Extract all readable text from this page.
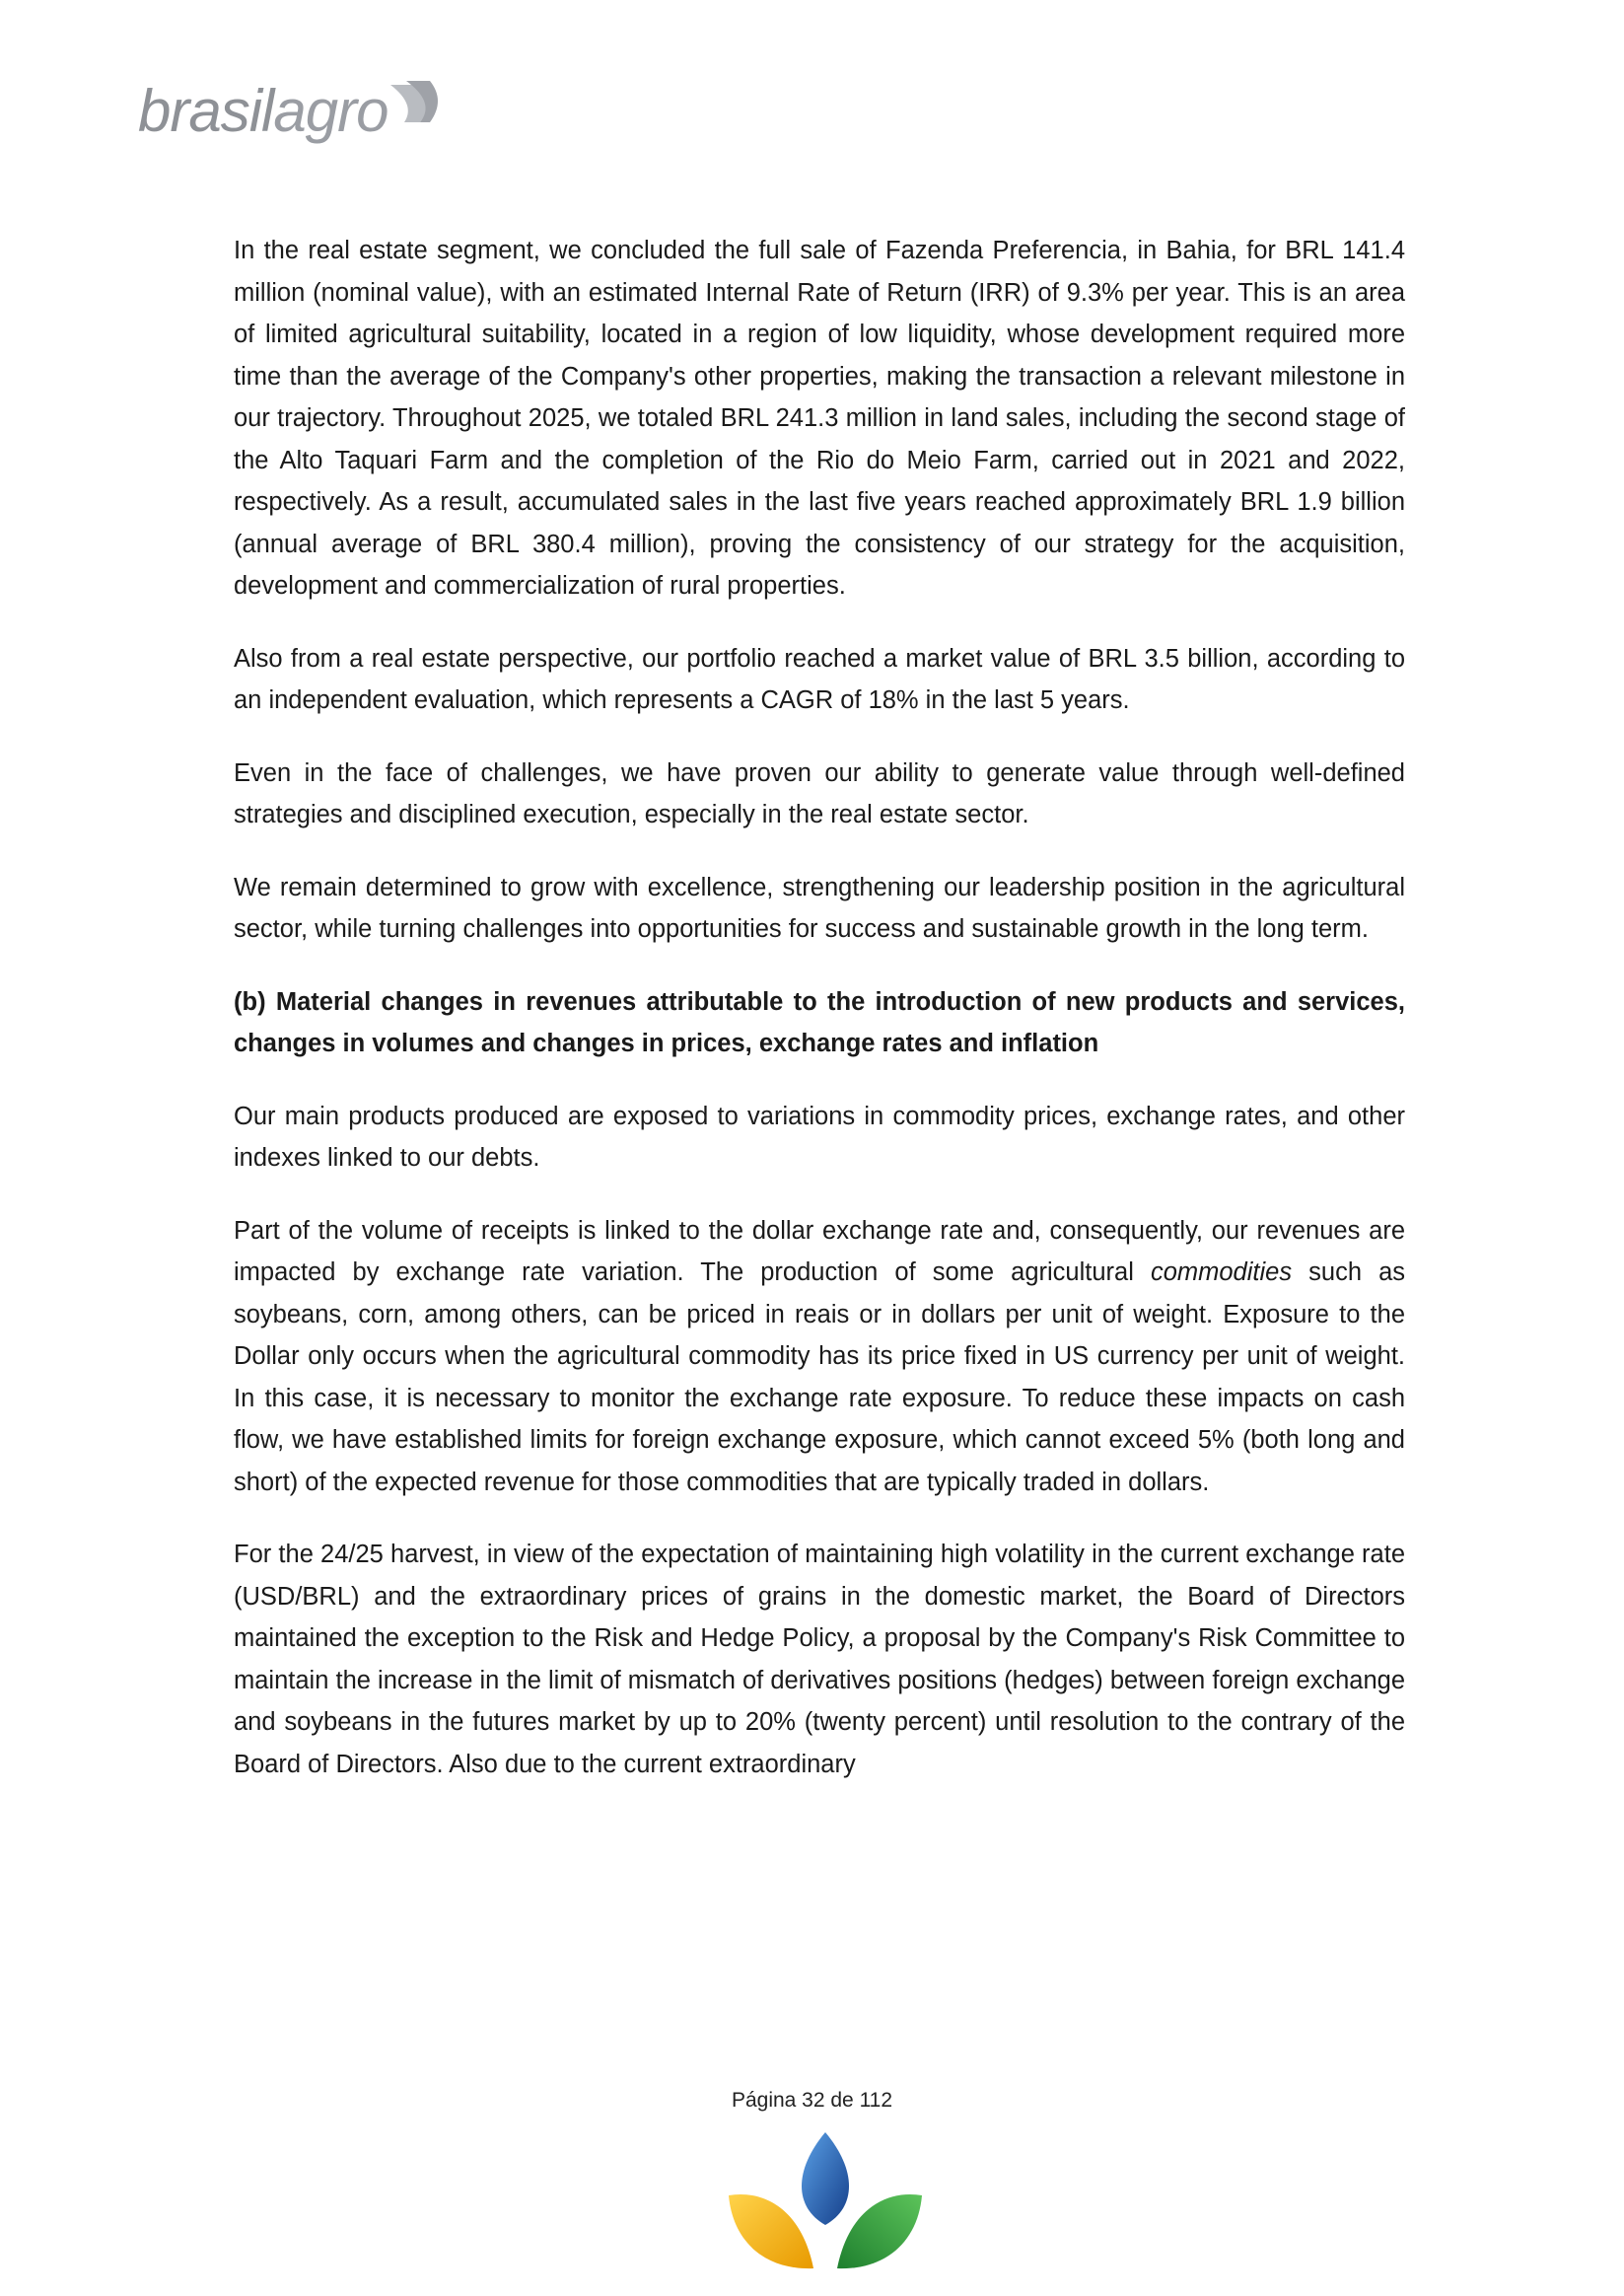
brasilagro

In the real estate segment, we concluded the full sale of Fazenda Preferencia, in Bahia, for BRL 141.4 million (nominal value), with an estimated Internal Rate of Return (IRR) of 9.3% per year. This is an area of limited agricultural suitability, located in a region of low liquidity, whose development required more time than the average of the Company's other properties, making the transaction a relevant milestone in our trajectory. Throughout 2025, we totaled BRL 241.3 million in land sales, including the second stage of the Alto Taquari Farm and the completion of the Rio do Meio Farm, carried out in 2021 and 2022, respectively. As a result, accumulated sales in the last five years reached approximately BRL 1.9 billion (annual average of BRL 380.4 million), proving the consistency of our strategy for the acquisition, development and commercialization of rural properties.

Also from a real estate perspective, our portfolio reached a market value of BRL 3.5 billion, according to an independent evaluation, which represents a CAGR of 18% in the last 5 years.

Even in the face of challenges, we have proven our ability to generate value through well-defined strategies and disciplined execution, especially in the real estate sector.

We remain determined to grow with excellence, strengthening our leadership position in the agricultural sector, while turning challenges into opportunities for success and sustainable growth in the long term.

(b) Material changes in revenues attributable to the introduction of new products and services, changes in volumes and changes in prices, exchange rates and inflation

Our main products produced are exposed to variations in commodity prices, exchange rates, and other indexes linked to our debts.

Part of the volume of receipts is linked to the dollar exchange rate and, consequently, our revenues are impacted by exchange rate variation. The production of some agricultural commodities such as soybeans, corn, among others, can be priced in reais or in dollars per unit of weight. Exposure to the Dollar only occurs when the agricultural commodity has its price fixed in US currency per unit of weight. In this case, it is necessary to monitor the exchange rate exposure. To reduce these impacts on cash flow, we have established limits for foreign exchange exposure, which cannot exceed 5% (both long and short) of the expected revenue for those commodities that are typically traded in dollars.

For the 24/25 harvest, in view of the expectation of maintaining high volatility in the current exchange rate (USD/BRL) and the extraordinary prices of grains in the domestic market, the Board of Directors maintained the exception to the Risk and Hedge Policy, a proposal by the Company's Risk Committee to maintain the increase in the limit of mismatch of derivatives positions (hedges) between foreign exchange and soybeans in the futures market by up to 20% (twenty percent) until resolution to the contrary of the Board of Directors. Also due to the current extraordinary

Página 32 de 112
